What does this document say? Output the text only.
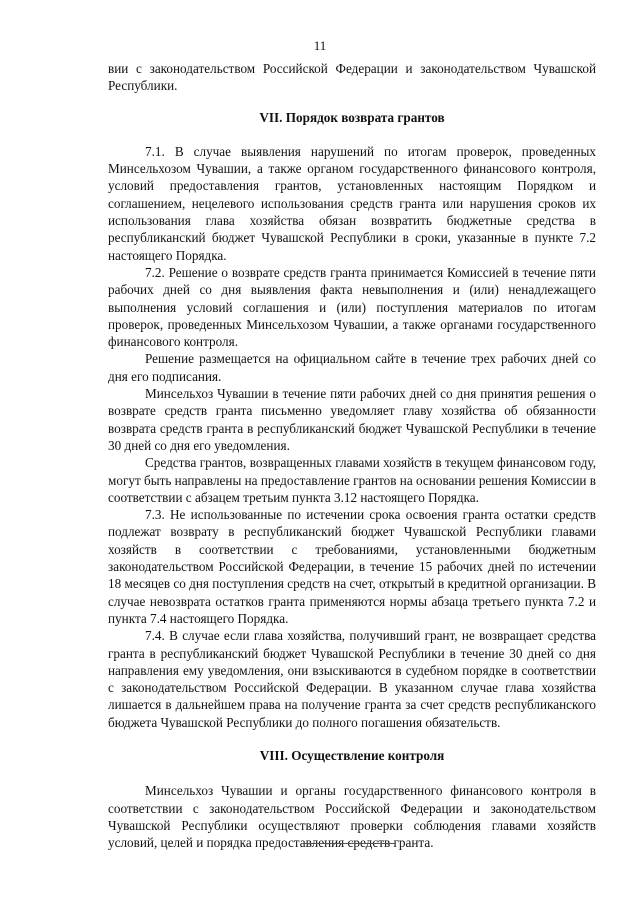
11

вии с законодательством Российской Федерации и законодательством Чувашской Республики.

VII. Порядок возврата грантов

7.1. В случае выявления нарушений по итогам проверок, проведенных Минсельхозом Чувашии, а также органом государственного финансового контроля, условий предоставления грантов, установленных настоящим Порядком и соглашением, нецелевого использования средств гранта или нарушения сроков их использования глава хозяйства обязан возвратить бюджетные средства в республиканский бюджет Чувашской Республики в сроки, указанные в пункте 7.2 настоящего Порядка.

7.2. Решение о возврате средств гранта принимается Комиссией в течение пяти рабочих дней со дня выявления факта невыполнения и (или) ненадлежащего выполнения условий соглашения и (или) поступления материалов по итогам проверок, проведенных Минсельхозом Чувашии, а также органами государственного финансового контроля.

Решение размещается на официальном сайте в течение трех рабочих дней со дня его подписания.

Минсельхоз Чувашии в течение пяти рабочих дней со дня принятия решения о возврате средств гранта письменно уведомляет главу хозяйства об обязанности возврата средств гранта в республиканский бюджет Чувашской Республики в течение 30 дней со дня его уведомления.

Средства грантов, возвращенных главами хозяйств в текущем финансовом году, могут быть направлены на предоставление грантов на основании решения Комиссии в соответствии с абзацем третьим пункта 3.12 настоящего Порядка.

7.3. Не использованные по истечении срока освоения гранта остатки средств подлежат возврату в республиканский бюджет Чувашской Республики главами хозяйств в соответствии с требованиями, установленными бюджетным законодательством Российской Федерации, в течение 15 рабочих дней по истечении 18 месяцев со дня поступления средств на счет, открытый в кредитной организации. В случае невозврата остатков гранта применяются нормы абзаца третьего пункта 7.2 и пункта 7.4 настоящего Порядка.

7.4. В случае если глава хозяйства, получивший грант, не возвращает средства гранта в республиканский бюджет Чувашской Республики в течение 30 дней со дня направления ему уведомления, они взыскиваются в судебном порядке в соответствии с законодательством Российской Федерации. В указанном случае глава хозяйства лишается в дальнейшем права на получение гранта за счет средств республиканского бюджета Чувашской Республики до полного погашения обязательств.

VIII. Осуществление контроля

Минсельхоз Чувашии и органы государственного финансового контроля в соответствии с законодательством Российской Федерации и законодательством Чувашской Республики осуществляют проверки соблюдения главами хозяйств условий, целей и порядка предоставления средств гранта.
